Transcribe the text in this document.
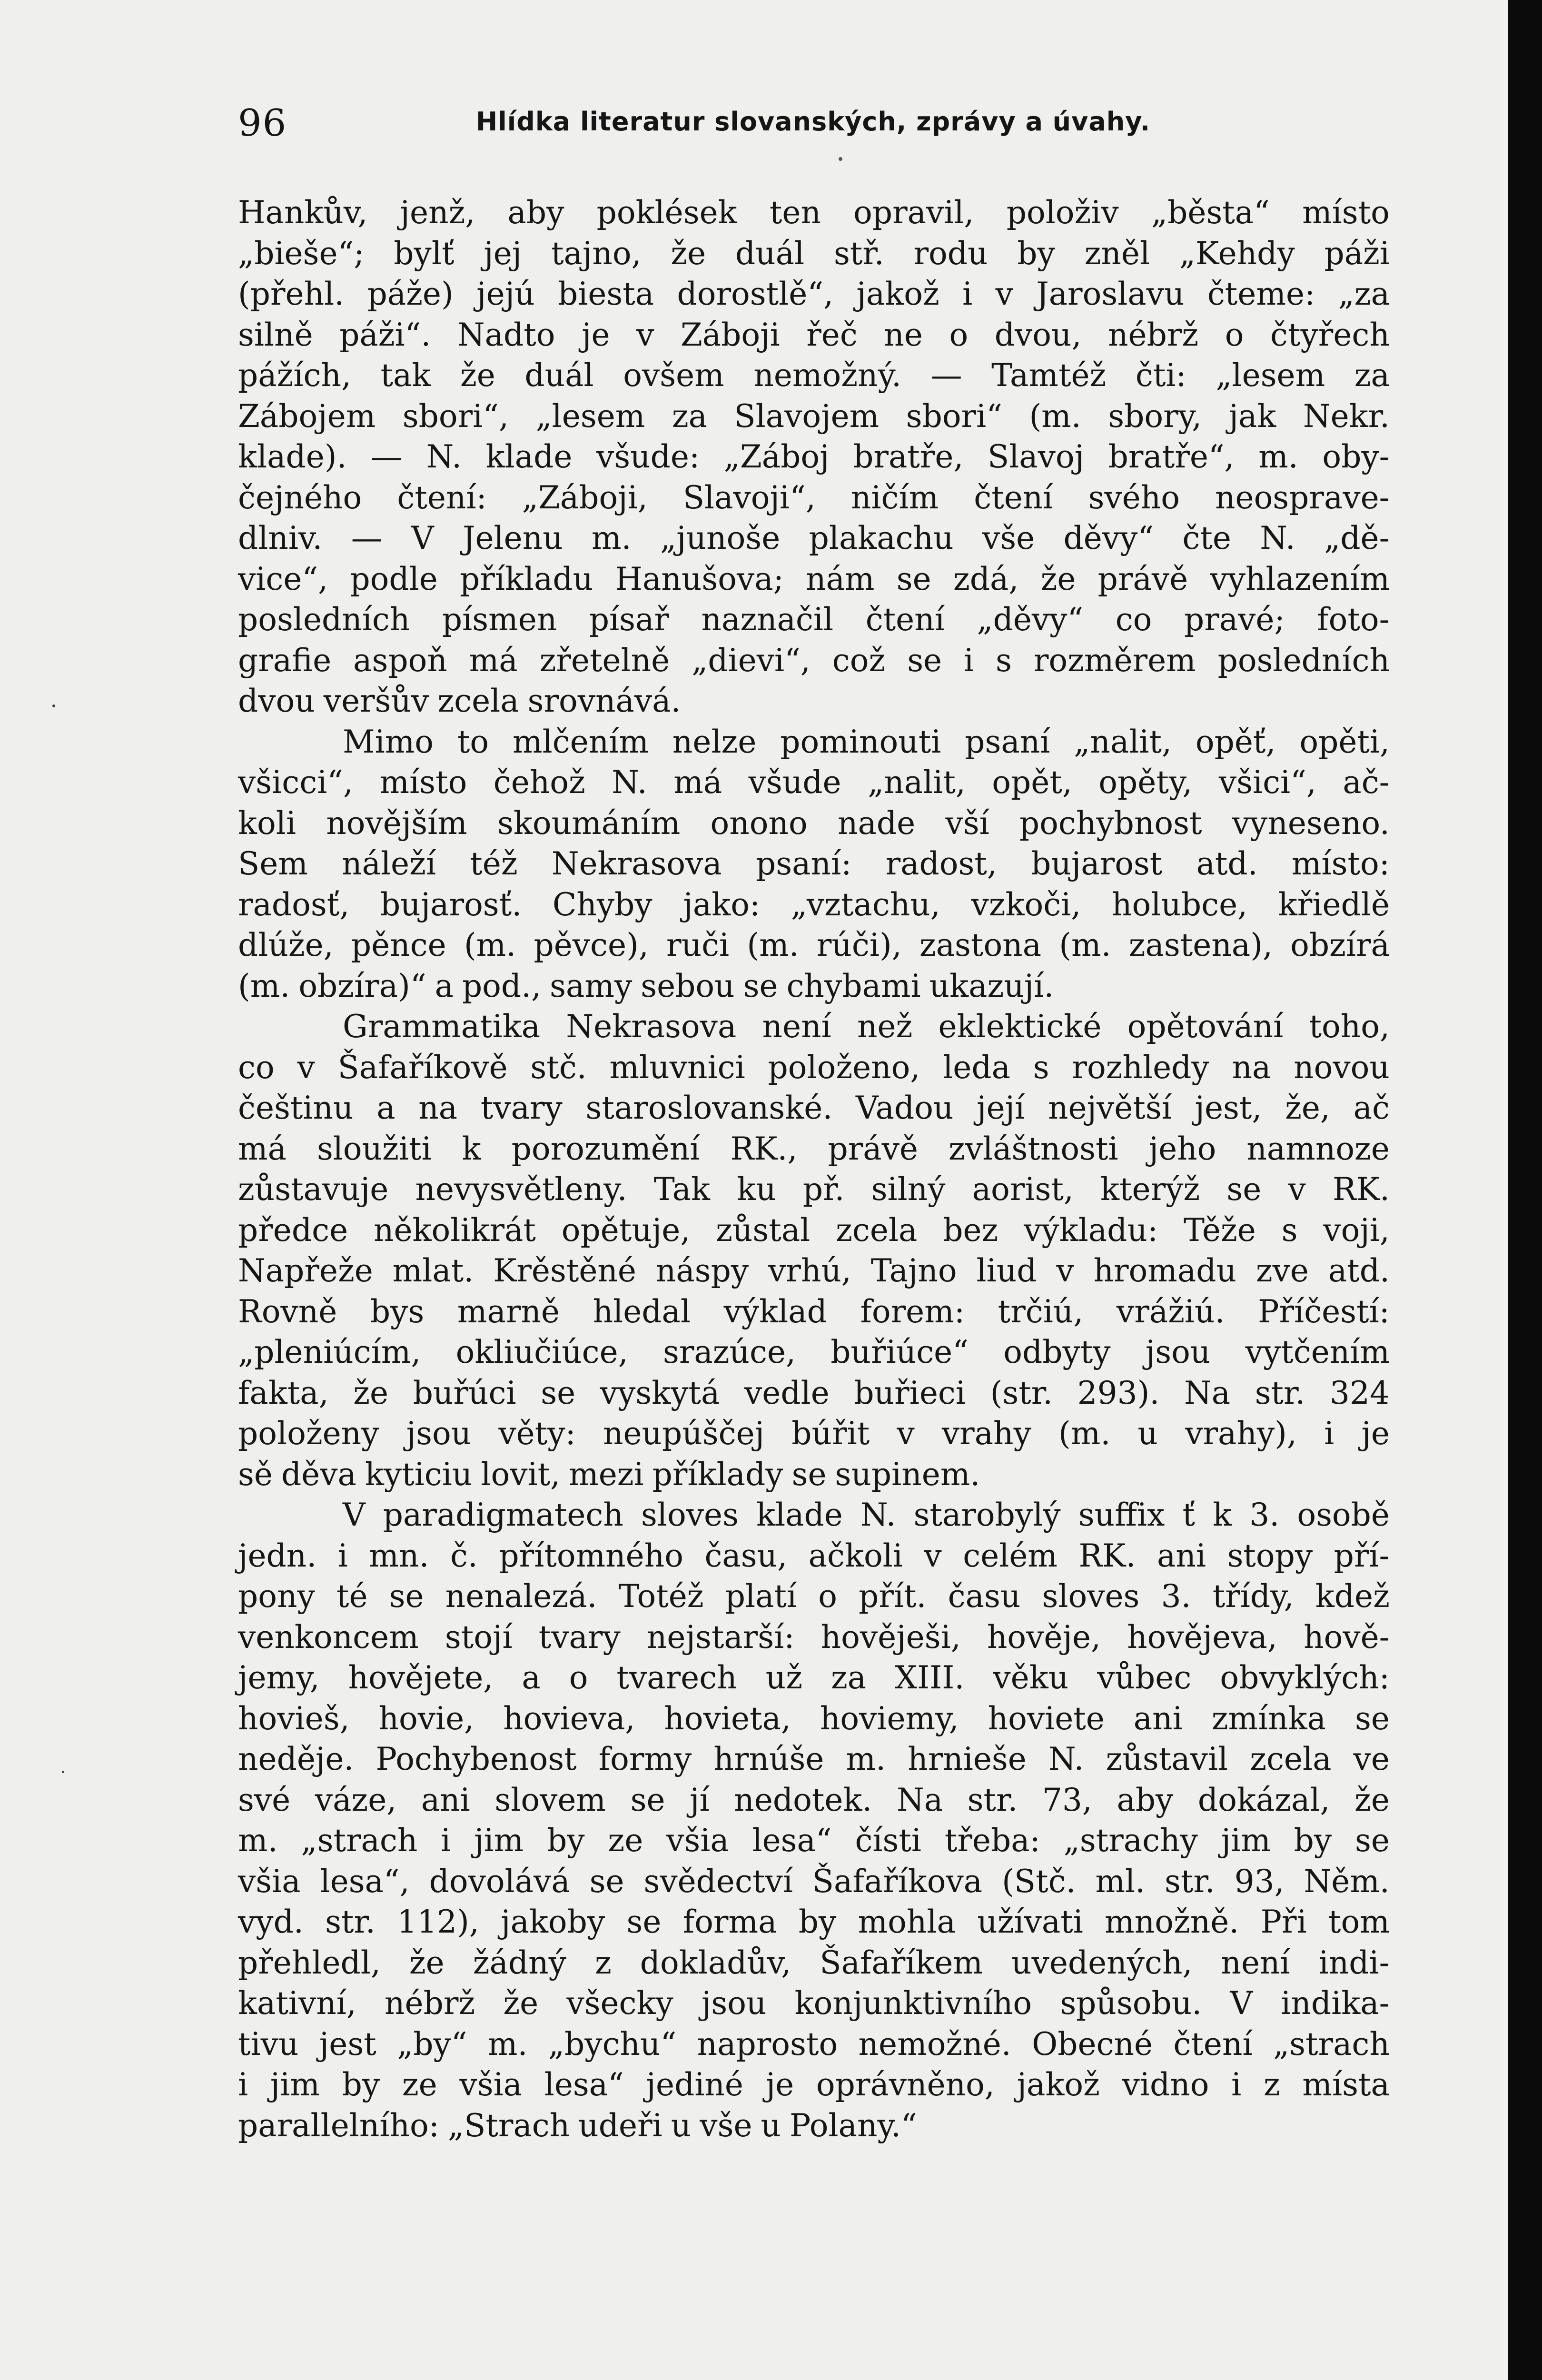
96	Hlídka literatur slovanských, zprávy a úvahy.
Hankův, jenž, aby poklések ten opravil, položiv „běsta“ místo
„bieše“; bylť jej tajno, že duál stř. rodu by zněl „Kehdy páži
(přehl. páže) jejú biesta dorostlě“, jakož i v Jaroslavu čteme: „za
silně páži“. Nadto je v Záboji řeč ne o dvou, nébrž o čtyřech
pážích, tak že duál ovšem nemožný. — Tamtéž čti: „lesem za
Zábojem sbori“, „lesem za Slavojem sbori“ (m. sbory, jak Nekr.
klade). — N. klade všude: „Záboj bratře, Slavoj bratře“, m. oby-
čejného čtení: „Záboji, Slavoji“, ničím čtení svého neosprave-
dlniv. — V Jelenu m. „junoše plakachu vše děvy“ čte N. „dě-
vice“, podle příkladu Hanušova; nám se zdá, že právě vyhlazením
posledních písmen písař naznačil čtení „děvy“ co pravé; foto-
grafie aspoň má zřetelně „dievi“, což se i s rozměrem posledních
dvou veršův zcela srovnává.
Mimo to mlčením nelze pominouti psaní „nalit, opěť, opěti,
všicci“, místo čehož N. má všude „nalit, opět, opěty, všici“, ač-
koli novějším skoumáním onono nade vší pochybnost vyneseno.
Sem náleží též Nekrasova psaní: radost, bujarost atd. místo:
radosť, bujarosť. Chyby jako: „vztachu, vzkoči, holubce, křiedlě
dlúže, pěnce (m. pěvce), ruči (m. rúči), zastona (m. zastena), obzírá
(m. obzíra)“ a pod., samy sebou se chybami ukazují.
Grammatika Nekrasova není než eklektické opětování toho,
co v Šafaříkově stč. mluvnici položeno, leda s rozhledy na novou
češtinu a na tvary staroslovanské. Vadou její největší jest, že, ač
má sloužiti k porozumění RK., právě zvláštnosti jeho namnoze
zůstavuje nevysvětleny. Tak ku př. silný aorist, kterýž se v RK.
předce několikrát opětuje, zůstal zcela bez výkladu: Těže s voji,
Napřeže mlat. Krěstěné náspy vrhú, Tajno liud v hromadu zve atd.
Rovně bys marně hledal výklad forem: trčiú, vrážiú. Příčestí:
„pleniúcím, okliučiúce, srazúce, buřiúce“ odbyty jsou vytčením
fakta, že buřúci se vyskytá vedle buřieci (str. 293). Na str. 324
položeny jsou věty: neupúščej búřit v vrahy (m. u vrahy), i je
sě děva kyticiu lovit, mezi příklady se supinem.
V paradigmatech sloves klade N. starobylý suffix ť k 3. osobě
jedn. i mn. č. přítomného času, ačkoli v celém RK. ani stopy pří-
pony té se nenalezá. Totéž platí o přít. času sloves 3. třídy, kdež
venkoncem stojí tvary nejstarší: hověješi, hověje, hověјeva, hově-
jemy, hovějete, a o tvarech už za XIII. věku vůbec obvyklých:
hovieš, hovie, hovieva, hovieta, hoviemy, hoviete ani zmínka se
neděje. Pochybenost formy hrnúše m. hrniešе N. zůstavil zcela ve
své váze, ani slovem se jí nedotek. Na str. 73, aby dokázal, že
m. „strach i jim by ze všia lesa“ čísti třeba: „strachy jim by se
všia lesa“, dovolává se svědectví Šafaříkova (Stč. ml. str. 93, Něm.
vyd. str. 112), jakoby se forma by mohla užívati množně. Při tom
přehledl, že žádný z dokladův, Šafaříkem uvedených, není indi-
kativní, nébrž že všecky jsou konjunktivního spůsobu. V indika-
tivu jest „by“ m. „bychu“ naprosto nemožné. Obecné čtení „strach
i jim by ze všia lesa“ jediné je oprávněno, jakož vidno i z místa
parallelního: „Strach udeři u vše u Polany.“
